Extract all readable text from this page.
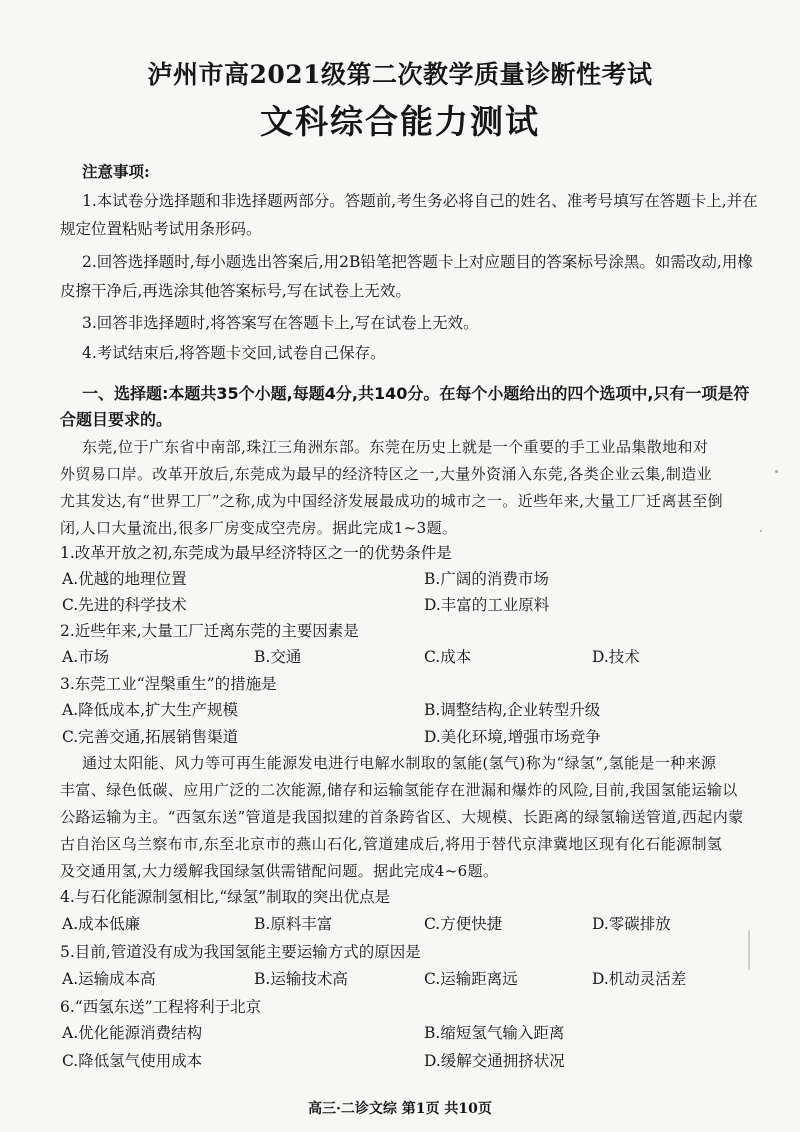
泸州市高2021级第二次教学质量诊断性考试
文科综合能力测试
注意事项:
1.本试卷分选择题和非选择题两部分。答题前,考生务必将自己的姓名、准考号填写在答题卡上,并在
规定位置粘贴考试用条形码。
2.回答选择题时,每小题选出答案后,用2B铅笔把答题卡上对应题目的答案标号涂黑。如需改动,用橡
皮擦干净后,再选涂其他答案标号,写在试卷上无效。
3.回答非选择题时,将答案写在答题卡上,写在试卷上无效。
4.考试结束后,将答题卡交回,试卷自己保存。
一、选择题:本题共35个小题,每题4分,共140分。在每个小题给出的四个选项中,只有一项是符
合题目要求的。
东莞,位于广东省中南部,珠江三角洲东部。东莞在历史上就是一个重要的手工业品集散地和对
外贸易口岸。改革开放后,东莞成为最早的经济特区之一,大量外资涌入东莞,各类企业云集,制造业
尤其发达,有“世界工厂”之称,成为中国经济发展最成功的城市之一。近些年来,大量工厂迁离甚至倒
闭,人口大量流出,很多厂房变成空壳房。据此完成1~3题。
1.改革开放之初,东莞成为最早经济特区之一的优势条件是
A.优越的地理位置	B.广阔的消费市场
C.先进的科学技术	D.丰富的工业原料
2.近些年来,大量工厂迁离东莞的主要因素是
A.市场	B.交通	C.成本	D.技术
3.东莞工业“涅槃重生”的措施是
A.降低成本,扩大生产规模	B.调整结构,企业转型升级
C.完善交通,拓展销售渠道	D.美化环境,增强市场竞争
通过太阳能、风力等可再生能源发电进行电解水制取的氢能(氢气)称为“绿氢”,氢能是一种来源
丰富、绿色低碳、应用广泛的二次能源,储存和运输氢能存在泄漏和爆炸的风险,目前,我国氢能运输以
公路运输为主。“西氢东送”管道是我国拟建的首条跨省区、大规模、长距离的绿氢输送管道,西起内蒙
古自治区乌兰察布市,东至北京市的燕山石化,管道建成后,将用于替代京津冀地区现有化石能源制氢
及交通用氢,大力缓解我国绿氢供需错配问题。据此完成4~6题。
4.与石化能源制氢相比,“绿氢”制取的突出优点是
A.成本低廉	B.原料丰富	C.方便快捷	D.零碳排放
5.目前,管道没有成为我国氢能主要运输方式的原因是
A.运输成本高	B.运输技术高	C.运输距离远	D.机动灵活差
6.“西氢东送”工程将利于北京
A.优化能源消费结构	B.缩短氢气输入距离
C.降低氢气使用成本	D.缓解交通拥挤状况
高三·二诊文综 第1页 共10页
